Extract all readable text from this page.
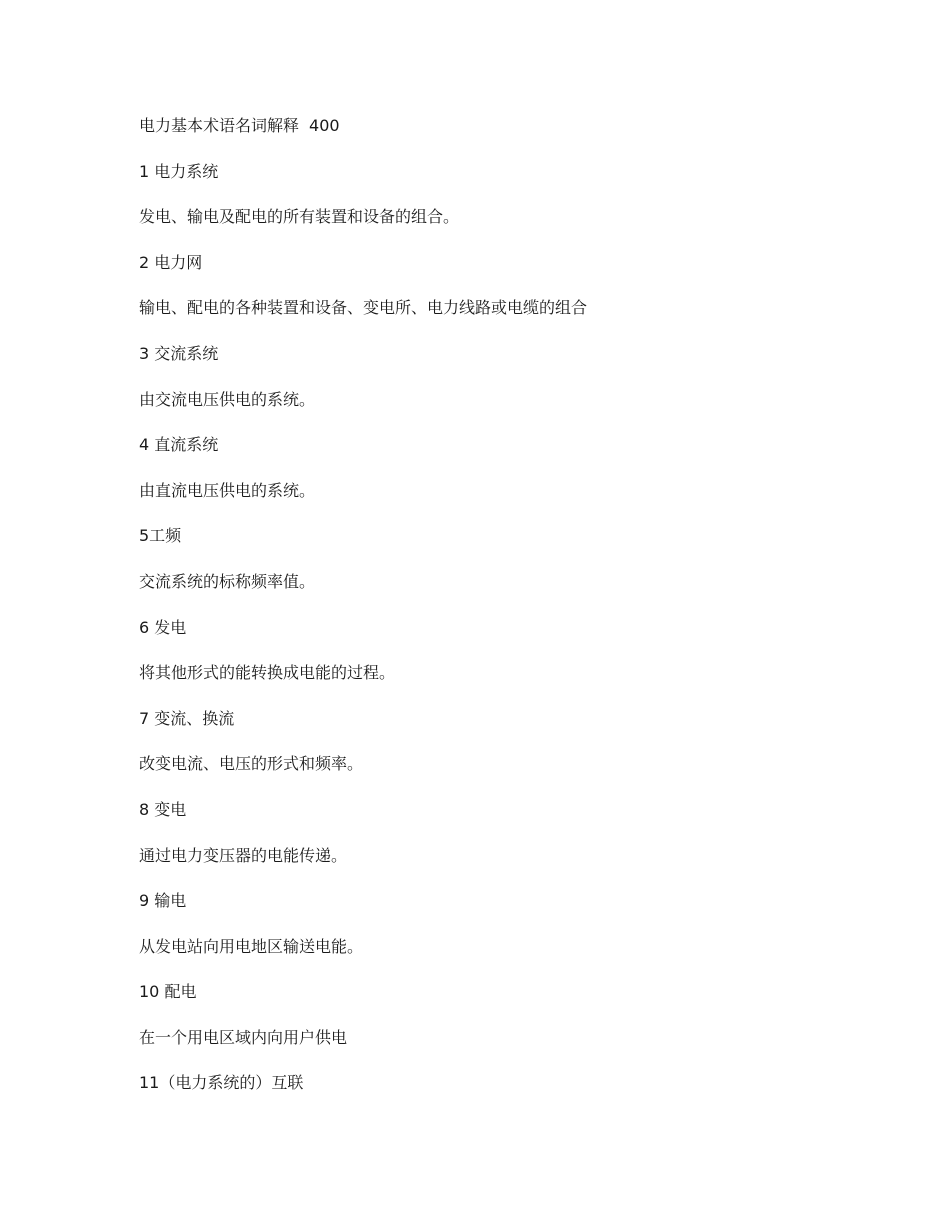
电力基本术语名词解释 400
1 电力系统
发电、输电及配电的所有装置和设备的组合。
2 电力网
输电、配电的各种装置和设备、变电所、电力线路或电缆的组合
3 交流系统
由交流电压供电的系统。
4 直流系统
由直流电压供电的系统。
5工频
交流系统的标称频率值。
6 发电
将其他形式的能转换成电能的过程。
7 变流、换流
改变电流、电压的形式和频率。
8 变电
通过电力变压器的电能传递。
9 输电
从发电站向用电地区输送电能。
10 配电
在一个用电区域内向用户供电
11（电力系统的）互联
